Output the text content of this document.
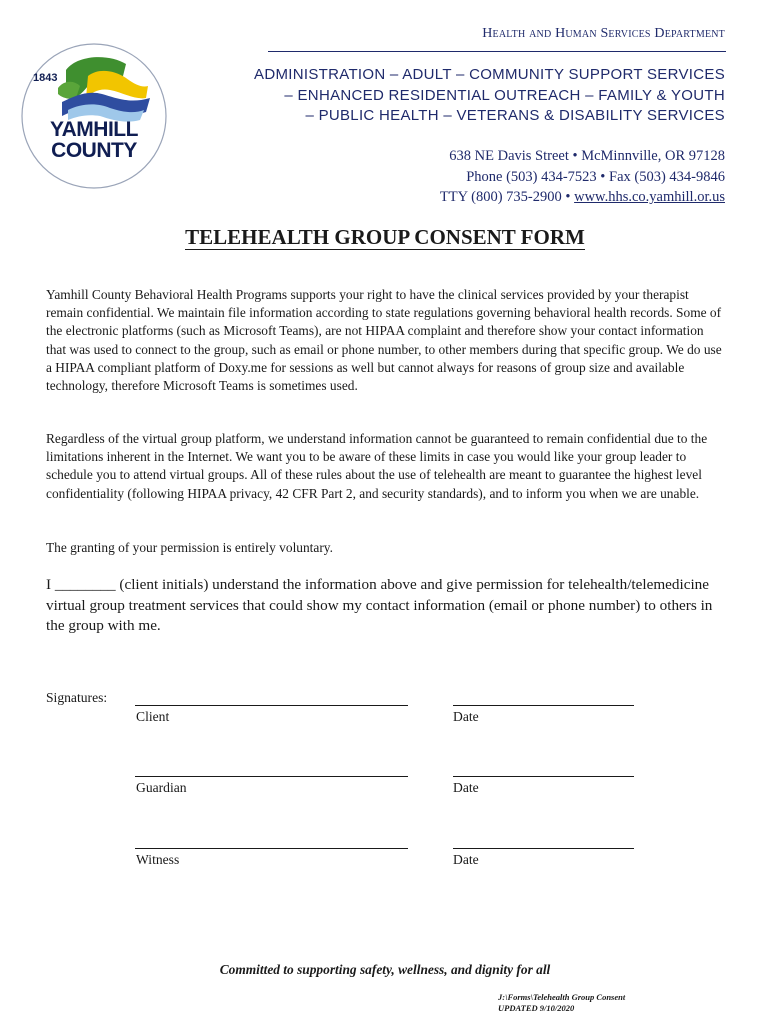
1843
YAMHILL
COUNTY
Health and Human Services Department
ADMINISTRATION – ADULT – COMMUNITY SUPPORT SERVICES
– ENHANCED RESIDENTIAL OUTREACH – FAMILY & YOUTH
– PUBLIC HEALTH – VETERANS & DISABILITY SERVICES
638 NE Davis Street • McMinnville, OR 97128
Phone (503) 434-7523 • Fax (503) 434-9846
TTY (800) 735-2900 • www.hhs.co.yamhill.or.us
TELEHEALTH GROUP CONSENT FORM
Yamhill County Behavioral Health Programs supports your right to have the clinical services provided by your therapist remain confidential. We maintain file information according to state regulations governing behavioral health records. Some of the electronic platforms (such as Microsoft Teams), are not HIPAA complaint and therefore show your contact information that was used to connect to the group, such as email or phone number, to other members during that specific group. We do use a HIPAA compliant platform of Doxy.me for sessions as well but cannot always for reasons of group size and available technology, therefore Microsoft Teams is sometimes used.
Regardless of the virtual group platform, we understand information cannot be guaranteed to remain confidential due to the limitations inherent in the Internet. We want you to be aware of these limits in case you would like your group leader to schedule you to attend virtual groups. All of these rules about the use of telehealth are meant to guarantee the highest level confidentiality (following HIPAA privacy, 42 CFR Part 2, and security standards), and to inform you when we are unable.
The granting of your permission is entirely voluntary.
I ________ (client initials) understand the information above and give permission for telehealth/telemedicine virtual group treatment services that could show my contact information (email or phone number) to others in the group with me.
Signatures:
Client	Date
Guardian	Date
Witness	Date
Committed to supporting safety, wellness, and dignity for all
J:\Forms\Telehealth Group Consent
UPDATED 9/10/2020
